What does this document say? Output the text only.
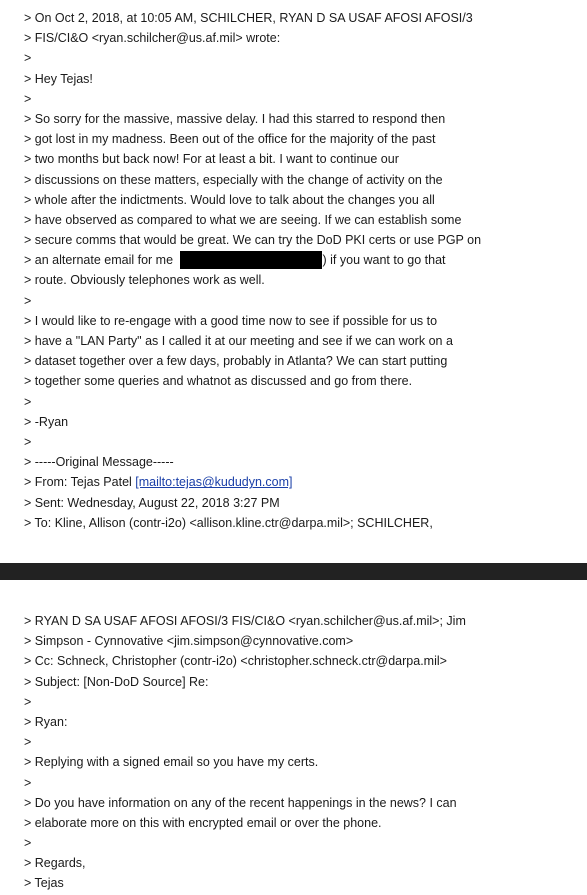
> On Oct 2, 2018, at 10:05 AM, SCHILCHER, RYAN D SA USAF AFOSI AFOSI/3
> FIS/CI&O <ryan.schilcher@us.af.mil> wrote:
>
> Hey Tejas!
>
> So sorry for the massive, massive delay. I had this starred to respond then
> got lost in my madness. Been out of the office for the majority of the past
> two months but back now! For at least a bit. I want to continue our
> discussions on these matters, especially with the change of activity on the
> whole after the indictments. Would love to talk about the changes you all
> have observed as compared to what we are seeing. If we can establish some
> secure comms that would be great. We can try the DoD PKI certs or use PGP on
> an alternate email for me	) if you want to go that
> route. Obviously telephones work as well.
>
> I would like to re-engage with a good time now to see if possible for us to
> have a "LAN Party" as I called it at our meeting and see if we can work on a
> dataset together over a few days, probably in Atlanta? We can start putting
> together some queries and whatnot as discussed and go from there.
>
> -Ryan
>
> -----Original Message-----
> From: Tejas Patel [mailto:tejas@kududyn.com]
> Sent: Wednesday, August 22, 2018 3:27 PM
> To: Kline, Allison (contr-i2o) <allison.kline.ctr@darpa.mil>; SCHILCHER,
> RYAN D SA USAF AFOSI AFOSI/3 FIS/CI&O <ryan.schilcher@us.af.mil>; Jim
> Simpson - Cynnovative <jim.simpson@cynnovative.com>
> Cc: Schneck, Christopher (contr-i2o) <christopher.schneck.ctr@darpa.mil>
> Subject: [Non-DoD Source] Re:
>
> Ryan:
>
> Replying with a signed email so you have my certs.
>
> Do you have information on any of the recent happenings in the news? I can
> elaborate more on this with encrypted email or over the phone.
>
> Regards,
> Tejas
